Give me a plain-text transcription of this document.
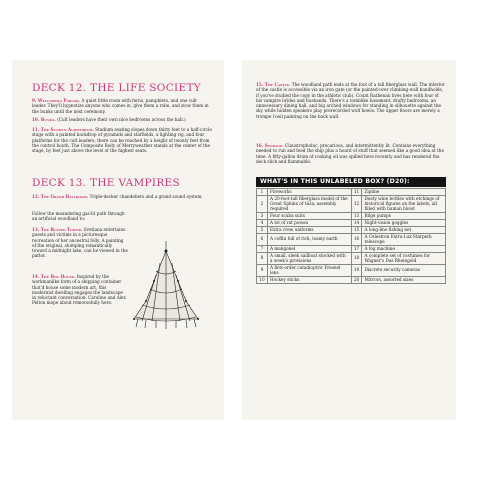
DECK 12. THE LIFE SOCIETY

9. Welcoming Parlor. A quiet little room with ferns, pamphlets, and one cult leader. They'll hypnotize anyone who comes in, give them a robe, and stow them in the bunks until the next ceremony.

10. Bunks. (Cult leaders have their own nice bedrooms across the hall.)

11. The Sunken Auditorium. Stadium seating slopes down thirty feet to a half-circle stage with a painted backdrop of pyramids and starfields, a lighting rig, and four platforms for the cult leaders; there can be reached by a height of twenty feet from the control booth. The Composite Body of Merryweather stands at the center of the stage, by feet just above the level of the highest seats.

DECK 13. THE VAMPIRES

12. The Grand Ballroom. Triple-decker chandeliers and a grand sound system.

Follow the meandering gas-lit path through an artificial woodland to:

13. The Ruined Tower. Svetlana entertains guests and victims in a picturesque recreation of her ancestral folly. A painting of the original, slumping romantically toward a midnight lake, can be viewed in the parlor.

14. The Box House. Inspired by the workmanlike form of a shipping container that'd house some modern art, this modernist dwelling engages the landscape in reluctant conversation. Caroline and Alex Pelton mope about remorsefully here.

15. The Castle. The woodland path ends at the foot of a tall fiberglass wall. The interior of the castle is accessible via an iron gate (or the painted-over climbing-wall handholds, if you've studied the copy in the athletic club). Count Rathenau lives here with four of his vampire brides and husbands. There's a tomblike basement, drafty bedrooms, an unnecessary dining hall, and big arched windows for standing in silhouette against the sky while hidden speakers play prerecorded wolf howls. The upper floors are merely a trompe l'oeil painting on the back wall.

16. Storage. Claustrophobic, precarious, and intermittently lit. Contains everything needed to run and feed the ship plus a hoard of stuff that seemed like a good idea at the time. A fifty-gallon drum of cooking oil was spilled here recently and has rendered the deck slick and flammable.

WHAT'S IN THIS UNLABELED BOX? (D20):
1	Fireworks	11	Zipline
2	A 20-foot-tall fiberglass model of the Great Sphinx of Giza, assembly required	12	Dusty wine bottles with etchings of historical figures on the labels, all filled with human blood
3	Four scuba suits	13	Bilge pumps
4	A lot of rat poison	14	Night-vision goggles
5	Extra crew uniforms	15	A long-line fishing net
6	A coffin full of rich, loamy earth	16	A Celestron Extra-Lux Starperk telescope
7	A mangonel	17	A fog machine
8	A small, sleek sailboat stocked with a week's provisions	18	A complete set of costumes for Wagner's Das Rheingold
9	A first-order catadioptric Fresnel lens	19	Discrete security cameras
10	Hockey sticks	20	Mirrors, assorted sizes
